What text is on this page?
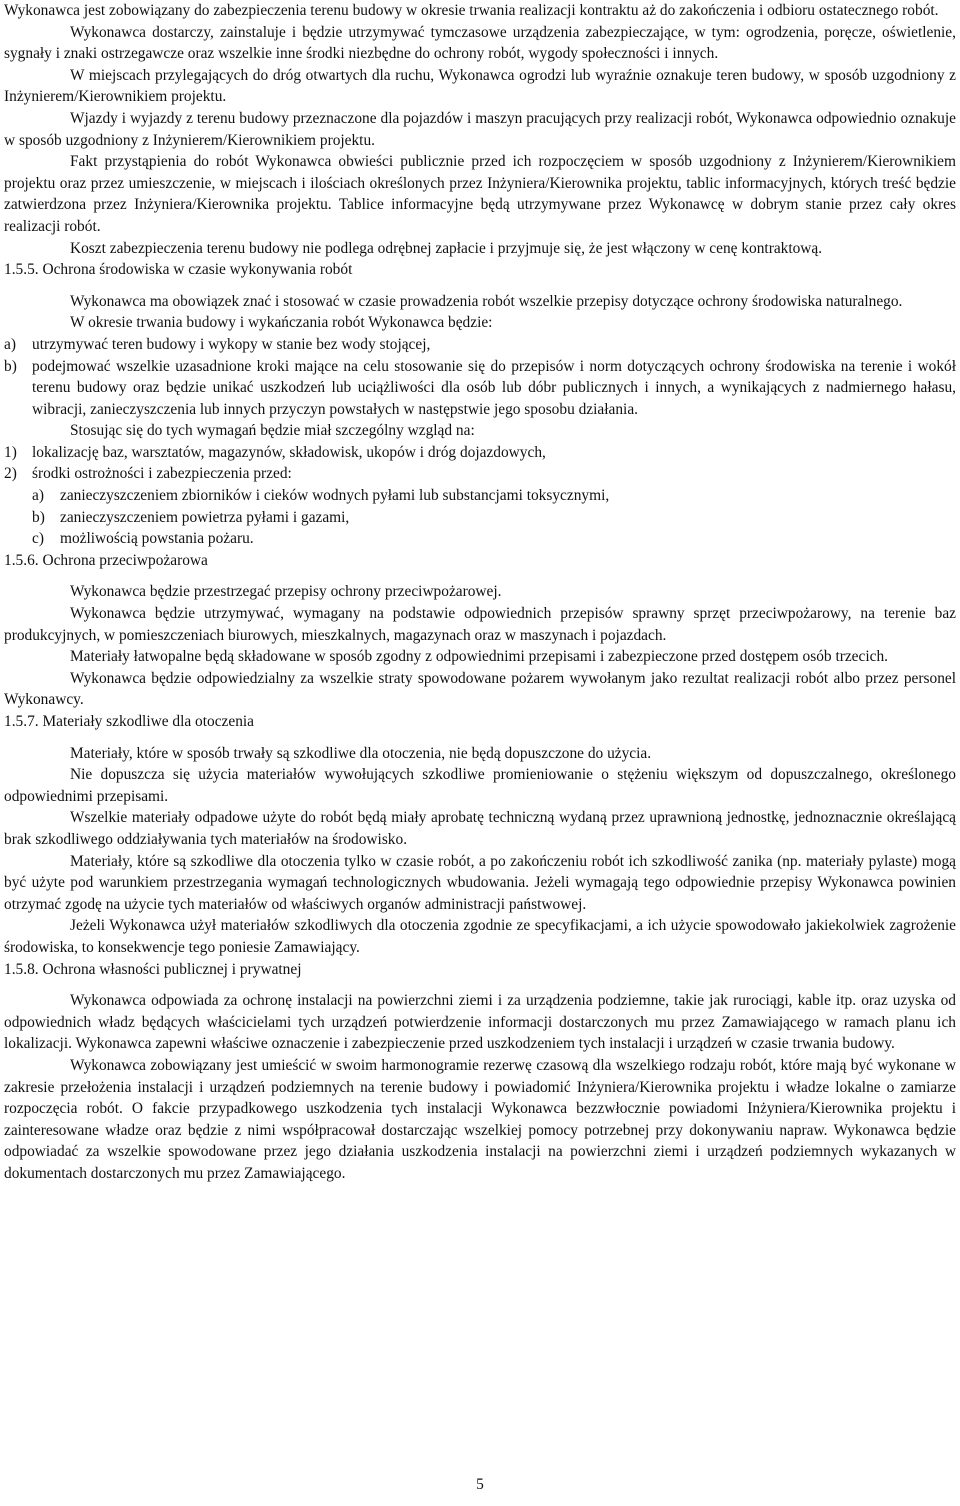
Wykonawca jest zobowiązany do zabezpieczenia terenu budowy w okresie trwania realizacji kontraktu aż do zakończenia i odbioru ostatecznego robót.

Wykonawca dostarczy, zainstaluje i będzie utrzymywać tymczasowe urządzenia zabezpieczające, w tym: ogrodzenia, poręcze, oświetlenie, sygnały i znaki ostrzegawcze oraz wszelkie inne środki niezbędne do ochrony robót, wygody społeczności i innych.

W miejscach przylegających do dróg otwartych dla ruchu, Wykonawca ogrodzi lub wyraźnie oznakuje teren budowy, w sposób uzgodniony z Inżynierem/Kierownikiem projektu.

Wjazdy i wyjazdy z terenu budowy przeznaczone dla pojazdów i maszyn pracujących przy realizacji robót, Wykonawca odpowiednio oznakuje w sposób uzgodniony z Inżynierem/Kierownikiem projektu.

Fakt przystąpienia do robót Wykonawca obwieści publicznie przed ich rozpoczęciem w sposób uzgodniony z Inżynierem/Kierownikiem projektu oraz przez umieszczenie, w miejscach i ilościach określonych przez Inżyniera/Kierownika projektu, tablic informacyjnych, których treść będzie zatwierdzona przez Inżyniera/Kierownika projektu. Tablice informacyjne będą utrzymywane przez Wykonawcę w dobrym stanie przez cały okres realizacji robót.

Koszt zabezpieczenia terenu budowy nie podlega odrębnej zapłacie i przyjmuje się, że jest włączony w cenę kontraktową.

1.5.5. Ochrona środowiska w czasie wykonywania robót

Wykonawca ma obowiązek znać i stosować w czasie prowadzenia robót wszelkie przepisy dotyczące ochrony środowiska naturalnego.

W okresie trwania budowy i wykańczania robót Wykonawca będzie:

a)	utrzymywać teren budowy i wykopy w stanie bez wody stojącej,
b) podejmować wszelkie uzasadnione kroki mające na celu stosowanie się do przepisów i norm dotyczących ochrony środowiska na terenie i wokół terenu budowy oraz będzie unikać uszkodzeń lub uciążliwości dla osób lub dóbr publicznych i innych, a wynikających z nadmiernego hałasu, wibracji, zanieczyszczenia lub innych przyczyn powstałych w następstwie jego sposobu działania.

Stosując się do tych wymagań będzie miał szczególny wzgląd na:

1) lokalizację baz, warsztatów, magazynów, składowisk, ukopów i dróg dojazdowych,
2) środki ostrożności i zabezpieczenia przed:
a)	zanieczyszczeniem zbiorników i cieków wodnych pyłami lub substancjami toksycznymi,
b) zanieczyszczeniem powietrza pyłami i gazami,
c)	możliwością powstania pożaru.

1.5.6. Ochrona przeciwpożarowa

Wykonawca będzie przestrzegać przepisy ochrony przeciwpożarowej.

Wykonawca będzie utrzymywać, wymagany na podstawie odpowiednich przepisów sprawny sprzęt przeciwpożarowy, na terenie baz produkcyjnych, w pomieszczeniach biurowych, mieszkalnych, magazynach oraz w maszynach i pojazdach.

Materiały łatwopalne będą składowane w sposób zgodny z odpowiednimi przepisami i zabezpieczone przed dostępem osób trzecich.

Wykonawca będzie odpowiedzialny za wszelkie straty spowodowane pożarem wywołanym jako rezultat realizacji robót albo przez personel Wykonawcy.

1.5.7. Materiały szkodliwe dla otoczenia

Materiały, które w sposób trwały są szkodliwe dla otoczenia, nie będą dopuszczone do użycia.

Nie dopuszcza się użycia materiałów wywołujących szkodliwe promieniowanie o stężeniu większym od dopuszczalnego, określonego odpowiednimi przepisami.

Wszelkie materiały odpadowe użyte do robót będą miały aprobatę techniczną wydaną przez uprawnioną jednostkę, jednoznacznie określającą brak szkodliwego oddziaływania tych materiałów na środowisko.

Materiały, które są szkodliwe dla otoczenia tylko w czasie robót, a po zakończeniu robót ich szkodliwość zanika (np. materiały pylaste) mogą być użyte pod warunkiem przestrzegania wymagań technologicznych wbudowania. Jeżeli wymagają tego odpowiednie przepisy Wykonawca powinien otrzymać zgodę na użycie tych materiałów od właściwych organów administracji państwowej.

Jeżeli Wykonawca użył materiałów szkodliwych dla otoczenia zgodnie ze specyfikacjami, a ich użycie spowodowało jakiekolwiek zagrożenie środowiska, to konsekwencje tego poniesie Zamawiający.

1.5.8. Ochrona własności publicznej i prywatnej

Wykonawca odpowiada za ochronę instalacji na powierzchni ziemi i za urządzenia podziemne, takie jak rurociągi, kable itp. oraz uzyska od odpowiednich władz będących właścicielami tych urządzeń potwierdzenie informacji dostarczonych mu przez Zamawiającego w ramach planu ich lokalizacji. Wykonawca zapewni właściwe oznaczenie i zabezpieczenie przed uszkodzeniem tych instalacji i urządzeń w czasie trwania budowy.

Wykonawca zobowiązany jest umieścić w swoim harmonogramie rezerwę czasową dla wszelkiego rodzaju robót, które mają być wykonane w zakresie przełożenia instalacji i urządzeń podziemnych na terenie budowy i powiadomić Inżyniera/Kierownika projektu i władze lokalne o zamiarze rozpoczęcia robót. O fakcie przypadkowego uszkodzenia tych instalacji Wykonawca bezzwłocznie powiadomi Inżyniera/Kierownika projektu i zainteresowane władze oraz będzie z nimi współpracował dostarczając wszelkiej pomocy potrzebnej przy dokonywaniu napraw. Wykonawca będzie odpowiadać za wszelkie spowodowane przez jego działania uszkodzenia instalacji na powierzchni ziemi i urządzeń podziemnych wykazanych w dokumentach dostarczonych mu przez Zamawiającego.

5
